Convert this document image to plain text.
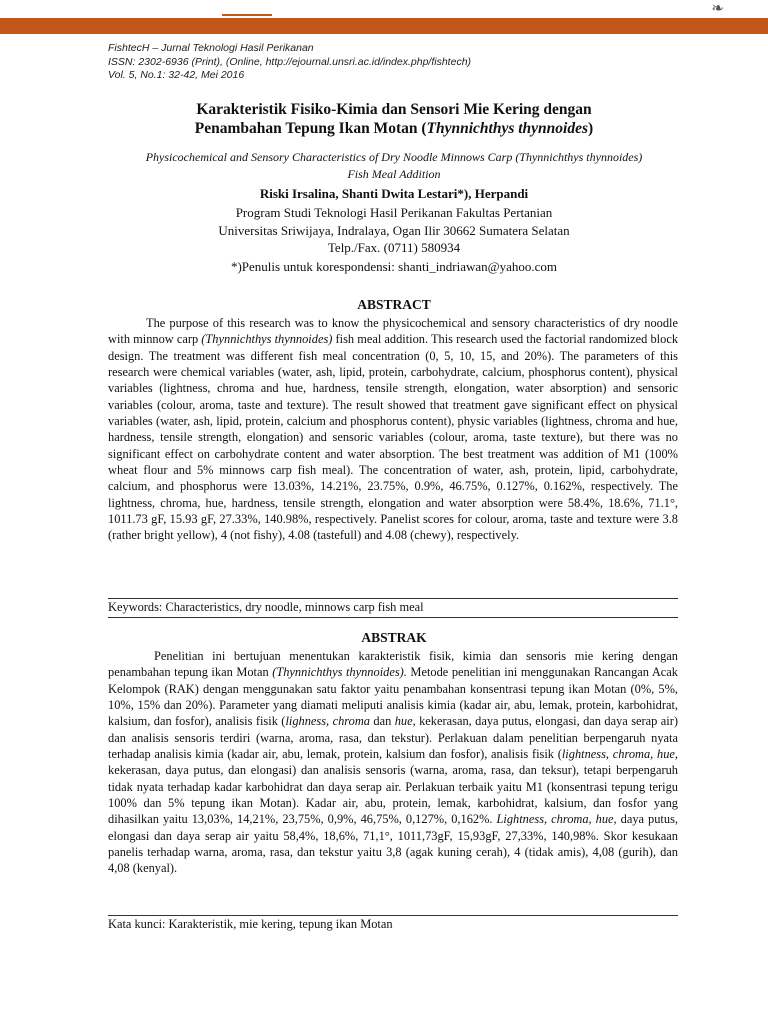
❧
FishtecH – Jurnal Teknologi Hasil Perikanan
ISSN: 2302-6936 (Print), (Online, http://ejournal.unsri.ac.id/index.php/fishtech)
Vol. 5, No.1: 32-42, Mei 2016
Karakteristik Fisiko-Kimia dan Sensori Mie Kering dengan
Penambahan Tepung Ikan Motan (Thynnichthys thynnoides)
Physicochemical and Sensory Characteristics of Dry Noodle Minnows Carp (Thynnichthys thynnoides)
Fish Meal Addition
Riski Irsalina, Shanti Dwita Lestari*), Herpandi
Program Studi Teknologi Hasil Perikanan Fakultas Pertanian
Universitas Sriwijaya, Indralaya, Ogan Ilir 30662 Sumatera Selatan
Telp./Fax. (0711) 580934
*)Penulis untuk korespondensi: shanti_indriawan@yahoo.com
ABSTRACT

The purpose of this research was to know the physicochemical and sensory characteristics of dry noodle with minnow carp (Thynnichthys thynnoides) fish meal addition. This research used the factorial randomized block design. The treatment was different fish meal concentration (0, 5, 10, 15, and 20%). The parameters of this research were chemical variables (water, ash, lipid, protein, carbohydrate, calcium, phosphorus content), physical variables (lightness, chroma and hue, hardness, tensile strength, elongation, water absorption) and sensoric variables (colour, aroma, taste and texture). The result showed that treatment gave significant effect on physical variables (water, ash, lipid, protein, calcium and phosphorus content), physic variables (lightness, chroma and hue, hardness, tensile strength, elongation) and sensoric variables (colour, aroma, taste texture), but there was no significant effect on carbohydrate content and water absorption. The best treatment was addition of M1 (100% wheat flour and 5% minnows carp fish meal). The concentration of water, ash, protein, lipid, carbohydrate, calcium, and phosphorus were 13.03%, 14.21%, 23.75%, 0.9%, 46.75%, 0.127%, 0.162%, respectively. The lightness, chroma, hue, hardness, tensile strength, elongation and water absorption were 58.4%, 18.6%, 71.1°, 1011.73 gF, 15.93 gF, 27.33%, 140.98%, respectively. Panelist scores for colour, aroma, taste and texture were 3.8 (rather bright yellow), 4 (not fishy), 4.08 (tastefull) and 4.08 (chewy), respectively.

Keywords: Characteristics, dry noodle, minnows carp fish meal
ABSTRAK

Penelitian ini bertujuan menentukan karakteristik fisik, kimia dan sensoris mie kering dengan penambahan tepung ikan Motan (Thynnichthys thynnoides). Metode penelitian ini menggunakan Rancangan Acak Kelompok (RAK) dengan menggunakan satu faktor yaitu penambahan konsentrasi tepung ikan Motan (0%, 5%, 10%, 15% dan 20%). Parameter yang diamati meliputi analisis kimia (kadar air, abu, lemak, protein, karbohidrat, kalsium, dan fosfor), analisis fisik (lighness, chroma dan hue, kekerasan, daya putus, elongasi, dan daya serap air) dan analisis sensoris terdiri (warna, aroma, rasa, dan tekstur). Perlakuan dalam penelitian berpengaruh nyata terhadap analisis kimia (kadar air, abu, lemak, protein, kalsium dan fosfor), analisis fisik (lightness, chroma, hue, kekerasan, daya putus, dan elongasi) dan analisis sensoris (warna, aroma, rasa, dan teksur), tetapi berpengaruh tidak nyata terhadap kadar karbohidrat dan daya serap air. Perlakuan terbaik yaitu M1 (konsentrasi tepung terigu 100% dan 5% tepung ikan Motan). Kadar air, abu, protein, lemak, karbohidrat, kalsium, dan fosfor yang dihasilkan yaitu 13,03%, 14,21%, 23,75%, 0,9%, 46,75%, 0,127%, 0,162%. Lightness, chroma, hue, daya putus, elongasi dan daya serap air yaitu 58,4%, 18,6%, 71,1°, 1011,73gF, 15,93gF, 27,33%, 140,98%. Skor kesukaan panelis terhadap warna, aroma, rasa, dan tekstur yaitu 3,8 (agak kuning cerah), 4 (tidak amis), 4,08 (gurih), dan 4,08 (kenyal).

Kata kunci: Karakteristik, mie kering, tepung ikan Motan
